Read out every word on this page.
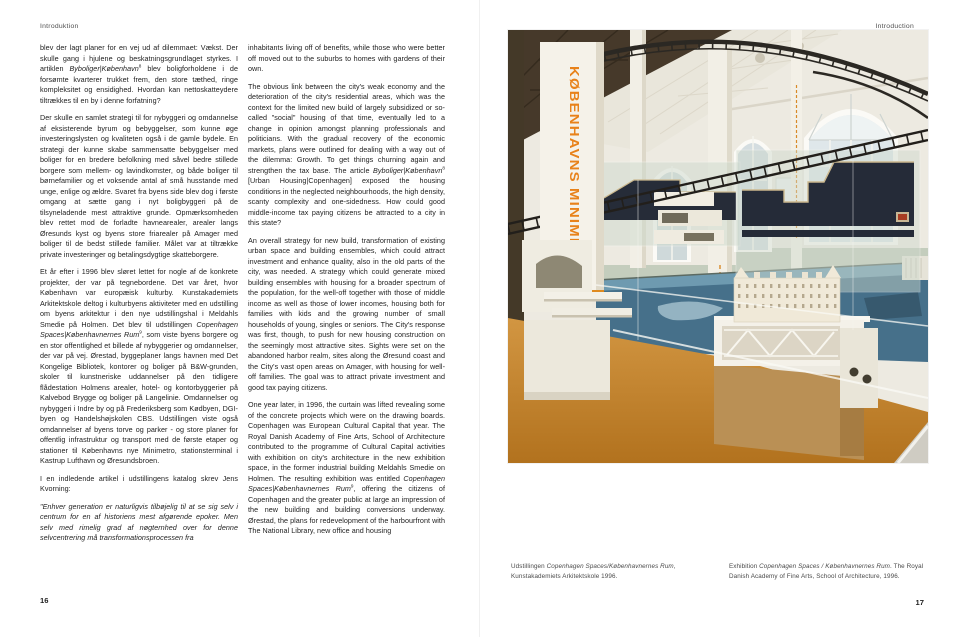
Introduktion

blev der lagt planer for en vej ud af dilemmaet: Vækst. Der skulle gang i hjulene og beskatningsgrundlaget styrkes. I artiklen Byboliger|København$^8$ blev boligforholdene i de forsømte kvarterer trukket frem, den store tæthed, ringe kompleksitet og ensidighed. Hvordan kan nettoskatteydere tiltrækkes til en by i denne forfatning?

Der skulle en samlet strategi til for nybyggeri og omdannelse af eksisterende byrum og bebyggelser, som kunne øge investeringslysten og kvaliteten også i de gamle bydele. En strategi der kunne skabe sammensatte bebyggelser med boliger for en bredere befolkning med såvel bedre stillede borgere som mellem- og lavindkomster, og både boliger til børnefamilier og et voksende antal af små husstande med unge, enlige og ældre. Svaret fra byens side blev dog i første omgang at sætte gang i nyt boligbyggeri på de tilsyneladende mest attraktive grunde. Opmærksomheden blev rettet mod de forladte havnearealer, arealer langs Øresunds kyst og byens store friarealer på Amager med boliger til de bedst stillede familier. Målet var at tiltrække private investeringer og betalingsdygtige skatteborgere.

Et år efter i 1996 blev sløret lettet for nogle af de konkrete projekter, der var på tegnebordene. Det var året, hvor København var europæisk kulturby. Kunstakademiets Arkitektskole deltog i kulturbyens aktiviteter med en udstilling om byens arkitektur i den nye udstillingshal i Meldahls Smedie på Holmen. Det blev til udstillingen Copenhagen Spaces|Københavnernes Rum$^9$, som viste byens borgere og en stor offentlighed et billede af nybyggerier og omdannelser, der var på vej. Ørestad, byggeplaner langs havnen med Det Kongelige Bibliotek, kontorer og boliger på B&W-grunden, skoler til kunstneriske uddannelser på den tidligere flådestation Holmens arealer, hotel- og kontorbyggerier på Kalvebod Brygge og boliger på Langelinie. Omdannelser og nybyggeri i Indre by og på Frederiksberg som Kødbyen, DGI-byen og Handelshøjskolen CBS. Udstillingen viste også omdannelser af byens torve og parker - og store planer for offentlig infrastruktur og transport med de første etaper og stationer til Københavns nye Minimetro, stationsterminal i Kastrup Lufthavn og Øresundsbroen.

I en indledende artikel i udstillingens katalog skrev Jens Kvorning:

"Enhver generation er naturligvis tilbøjelig til at se sig selv i centrum for en af historiens mest afgørende epoker. Men selv med rimelig grad af nøgternhed over for denne selvcentrering må transformationsprocessen fra

inhabitants living off of benefits, while those who were better off moved out to the suburbs to homes with gardens of their own.

The obvious link between the city's weak economy and the deterioration of the city's residential areas, which was the context for the limited new build of largely subsidized or so-called "social" housing of that time, eventually led to a change in opinion amongst planning professionals and politicians. With the gradual recovery of the economic markets, plans were outlined for dealing with a way out of the dilemma: Growth. To get things churning again and strengthen the tax base. The article Byboliger|København$^8$ [Urban Housing|Copenhagen] exposed the housing conditions in the neglected neighbourhoods, the high density, scanty complexity and one-sidedness. How could good middle-income tax paying citizens be attracted to a city in this state?

An overall strategy for new build, transformation of existing urban space and building ensembles, which could attract investment and enhance quality, also in the old parts of the city, was needed. A strategy which could generate mixed building ensembles with housing for a broader spectrum of the population, for the well-off together with those of middle income as well as those of lower incomes, housing both for families with kids and the growing number of small households of young, singles or seniors. The City's response was first, though, to push for new housing construction on the seemingly most attractive sites. Sights were set on the abandoned harbor realm, sites along the Øresund coast and the City's vast open areas on Amager, with housing for well-off families. The goal was to attract private investment and good tax paying citizens.

One year later, in 1996, the curtain was lifted revealing some of the concrete projects which were on the drawing boards. Copenhagen was European Cultural Capital that year. The Royal Danish Academy of Fine Arts, School of Architecture contributed to the programme of Cultural Capital activities with exhibition on city's architecture in the new exhibition space, in the former industrial building Meldahls Smedie on Holmen. The resulting exhibition was entitled Copenhagen Spaces|Københavnernes Rum$^9$, offering the citizens of Copenhagen and the greater public at large an impression of the new building and building conversions underway. Ørestad, the plans for redevelopment of the harbourfront with The National Library, new office and housing

16
Introduction
KØBENHAVNS MINIMETRO
Udstillingen Copenhagen Spaces/Københavnernes Rum, Kunstakademiets Arkitektskole 1996.
Exhibition Copenhagen Spaces / Københavnernes Rum. The Royal Danish Academy of Fine Arts, School of Architecture, 1996.
17
